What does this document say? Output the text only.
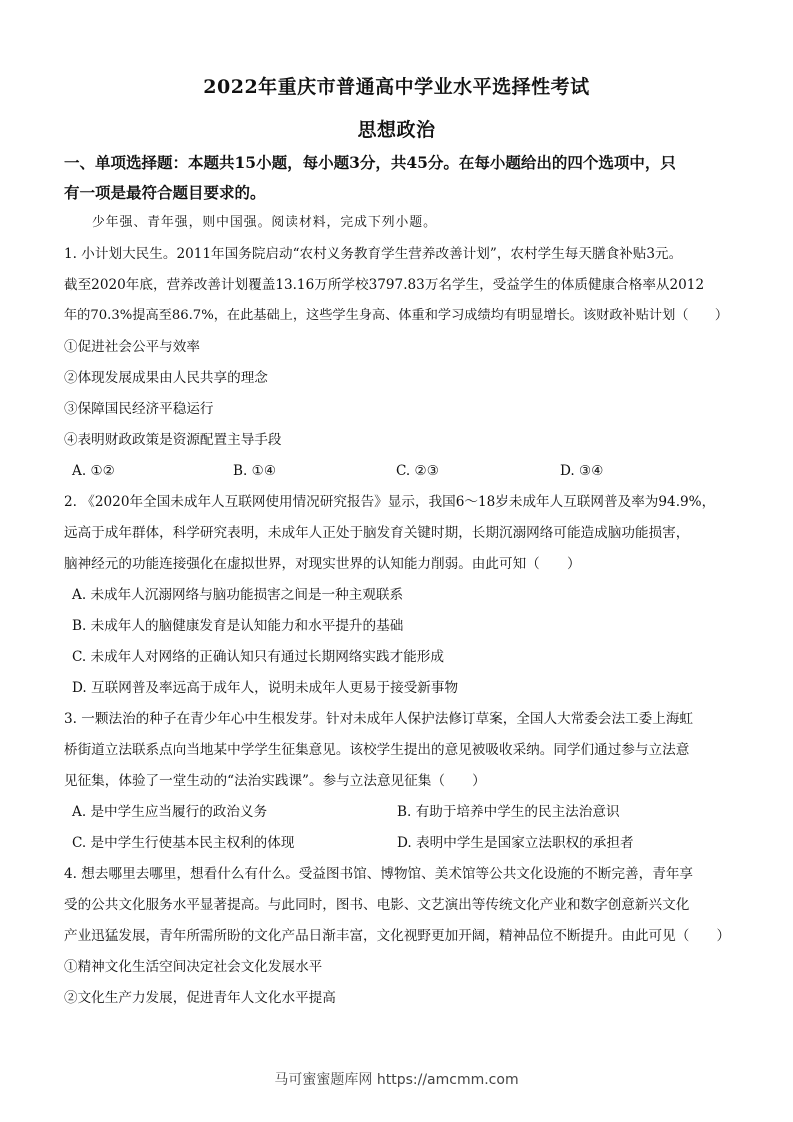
2022年重庆市普通高中学业水平选择性考试
思想政治

一、单项选择题：本题共15小题，每小题3分，共45分。在每小题给出的四个选项中，只

有一项是最符合题目要求的。

少年强、青年强，则中国强。阅读材料，完成下列小题。

1. 小计划大民生。2011年国务院启动“农村义务教育学生营养改善计划”，农村学生每天膳食补贴3元。

截至2020年底，营养改善计划覆盖13.16万所学校3797.83万名学生，受益学生的体质健康合格率从2012

年的70.3%提高至86.7%，在此基础上，这些学生身高、体重和学习成绩均有明显增长。该财政补贴计划（　　）

①促进社会公平与效率

②体现发展成果由人民共享的理念

③保障国民经济平稳运行

④表明财政政策是资源配置主导手段

A. ①②	B. ①④	C. ②③	D. ③④

2. 《2020年全国未成年人互联网使用情况研究报告》显示，我国6～18岁未成年人互联网普及率为94.9%，

远高于成年群体，科学研究表明，未成年人正处于脑发育关键时期，长期沉溺网络可能造成脑功能损害，

脑神经元的功能连接强化在虚拟世界，对现实世界的认知能力削弱。由此可知（　　）

A. 未成年人沉溺网络与脑功能损害之间是一种主观联系

B. 未成年人的脑健康发育是认知能力和水平提升的基础

C. 未成年人对网络的正确认知只有通过长期网络实践才能形成

D. 互联网普及率远高于成年人，说明未成年人更易于接受新事物

3. 一颗法治的种子在青少年心中生根发芽。针对未成年人保护法修订草案，全国人大常委会法工委上海虹

桥街道立法联系点向当地某中学学生征集意见。该校学生提出的意见被吸收采纳。同学们通过参与立法意

见征集，体验了一堂生动的“法治实践课”。参与立法意见征集（　　）

A. 是中学生应当履行的政治义务	B. 有助于培养中学生的民主法治意识
C. 是中学生行使基本民主权利的体现	D. 表明中学生是国家立法职权的承担者

4. 想去哪里去哪里，想看什么有什么。受益图书馆、博物馆、美术馆等公共文化设施的不断完善，青年享

受的公共文化服务水平显著提高。与此同时，图书、电影、文艺演出等传统文化产业和数字创意新兴文化

产业迅猛发展，青年所需所盼的文化产品日渐丰富，文化视野更加开阔，精神品位不断提升。由此可见（　　）

①精神文化生活空间决定社会文化发展水平

②文化生产力发展，促进青年人文化水平提高

马可蜜蜜题库网 https://amcmm.com
